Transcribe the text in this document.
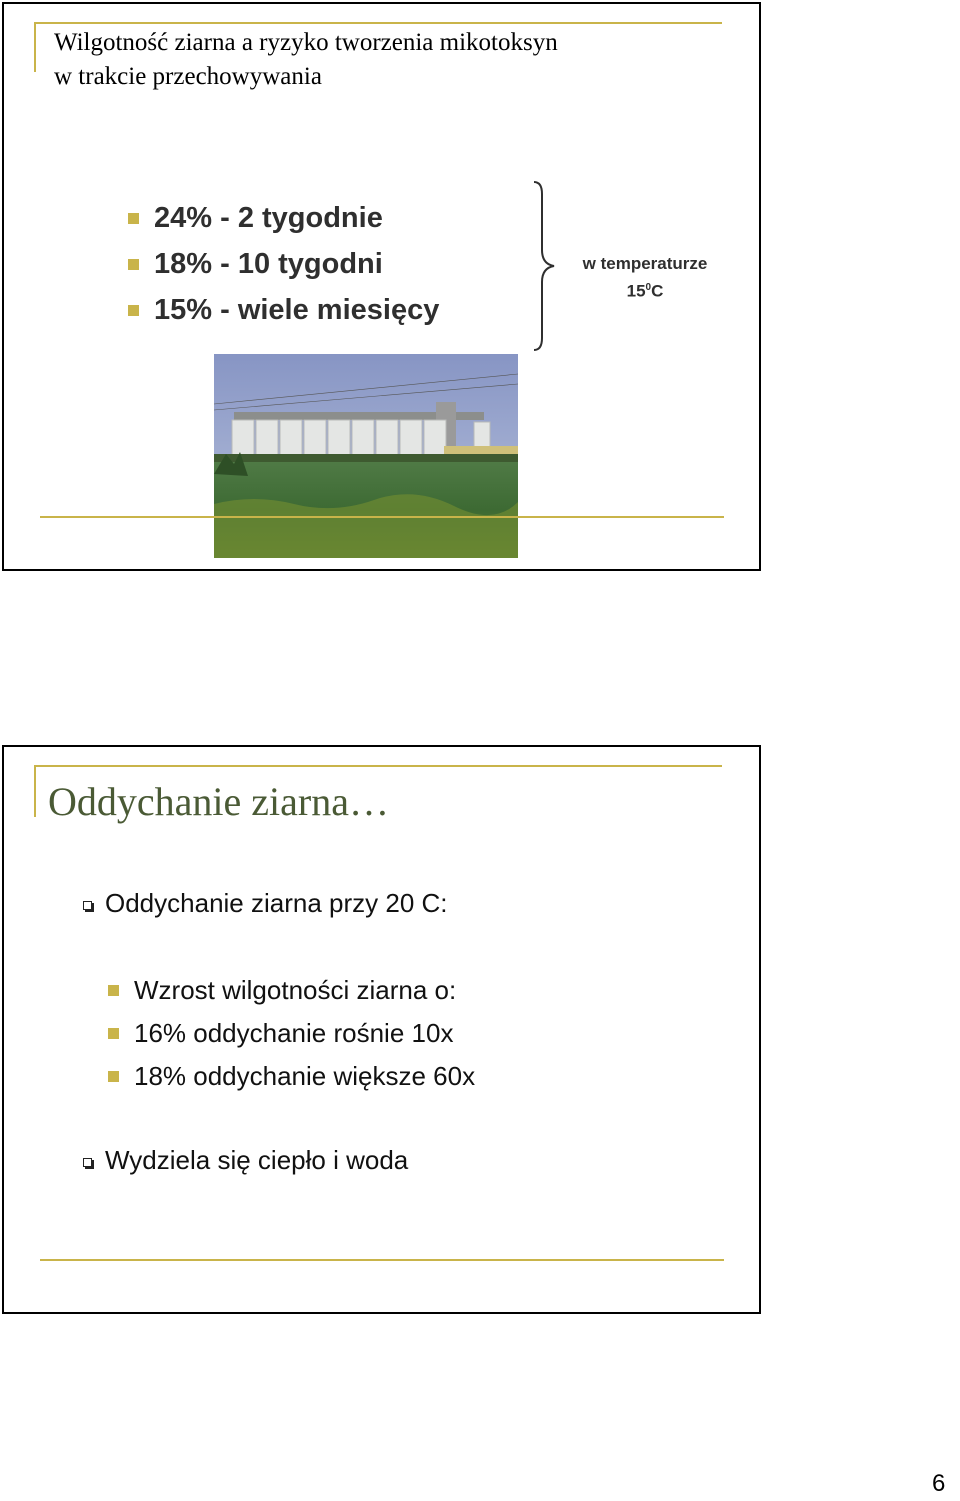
Wilgotność ziarna a ryzyko tworzenia mikotoksyn
w trakcie przechowywania
24% - 2 tygodnie
18% - 10 tygodni
15% - wiele miesięcy
w temperaturze
$15^0C$
Oddychanie ziarna…
Oddychanie ziarna przy 20 C:
Wzrost wilgotności ziarna o:
16% oddychanie rośnie 10x
18% oddychanie większe 60x
Wydziela się ciepło i woda
6
